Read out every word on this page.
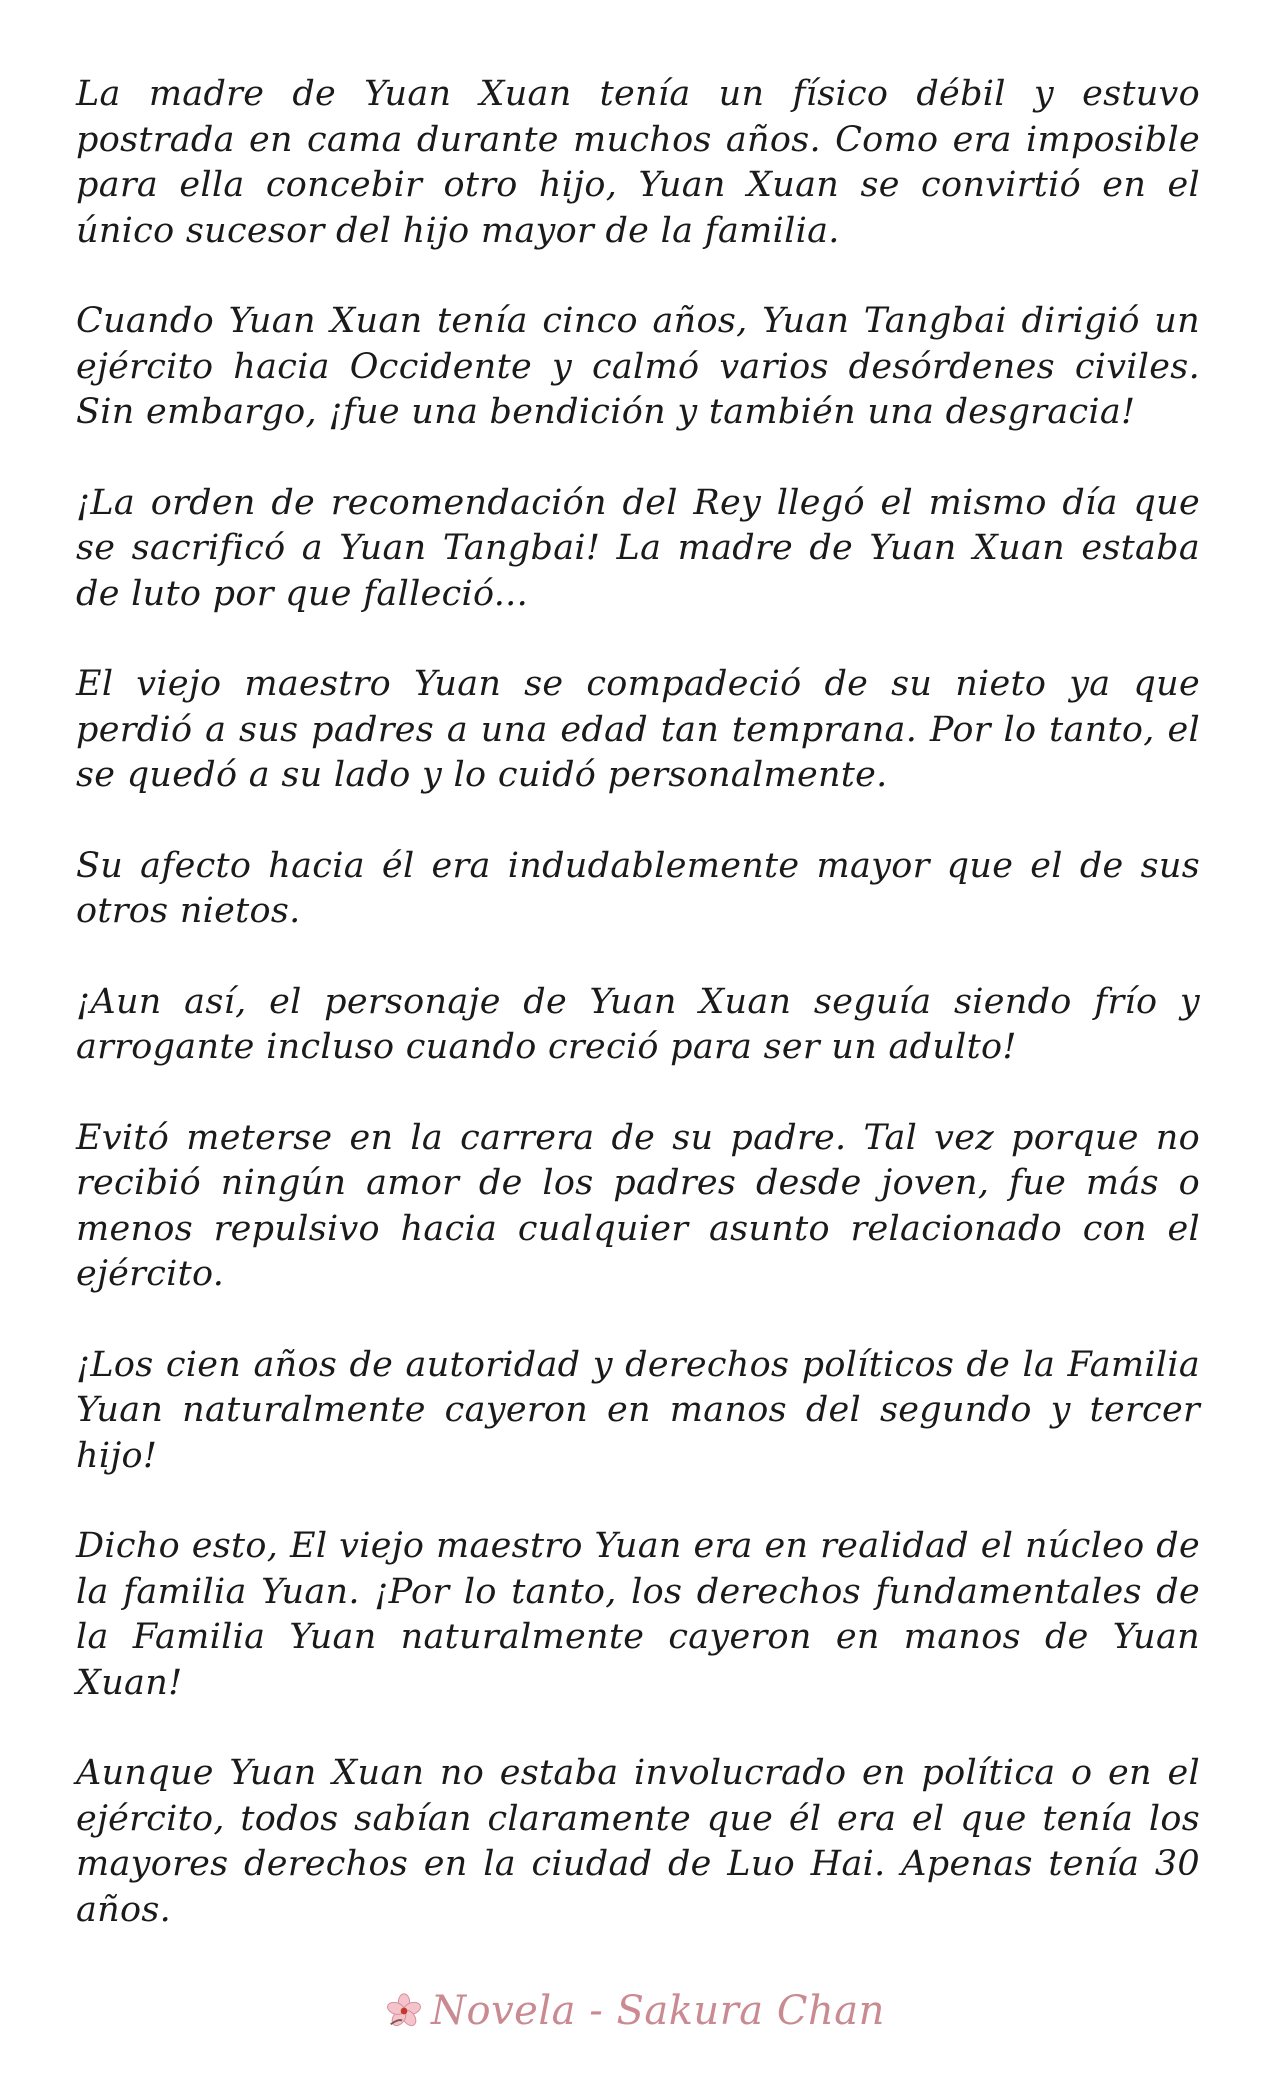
La madre de Yuan Xuan tenía un físico débil y estuvo postrada en cama durante muchos años. Como era imposible para ella concebir otro hijo, Yuan Xuan se convirtió en el único sucesor del hijo mayor de la familia.

Cuando Yuan Xuan tenía cinco años, Yuan Tangbai dirigió un ejército hacia Occidente y calmó varios desórdenes civiles. Sin embargo, ¡fue una bendición y también una desgracia!

¡La orden de recomendación del Rey llegó el mismo día que se sacrificó a Yuan Tangbai! La madre de Yuan Xuan estaba de luto por que falleció...

El viejo maestro Yuan se compadeció de su nieto ya que perdió a sus padres a una edad tan temprana. Por lo tanto, el se quedó a su lado y lo cuidó personalmente.

Su afecto hacia él era indudablemente mayor que el de sus otros nietos.

¡Aun así, el personaje de Yuan Xuan seguía siendo frío y arrogante incluso cuando creció para ser un adulto!

Evitó meterse en la carrera de su padre. Tal vez porque no recibió ningún amor de los padres desde joven, fue más o menos repulsivo hacia cualquier asunto relacionado con el ejército.

¡Los cien años de autoridad y derechos políticos de la Familia Yuan naturalmente cayeron en manos del segundo y tercer hijo!

Dicho esto, El viejo maestro Yuan era en realidad el núcleo de la familia Yuan. ¡Por lo tanto, los derechos fundamentales de la Familia Yuan naturalmente cayeron en manos de Yuan Xuan!

Aunque Yuan Xuan no estaba involucrado en política o en el ejército, todos sabían claramente que él era el que tenía los mayores derechos en la ciudad de Luo Hai. Apenas tenía 30 años.

Novela - Sakura Chan
